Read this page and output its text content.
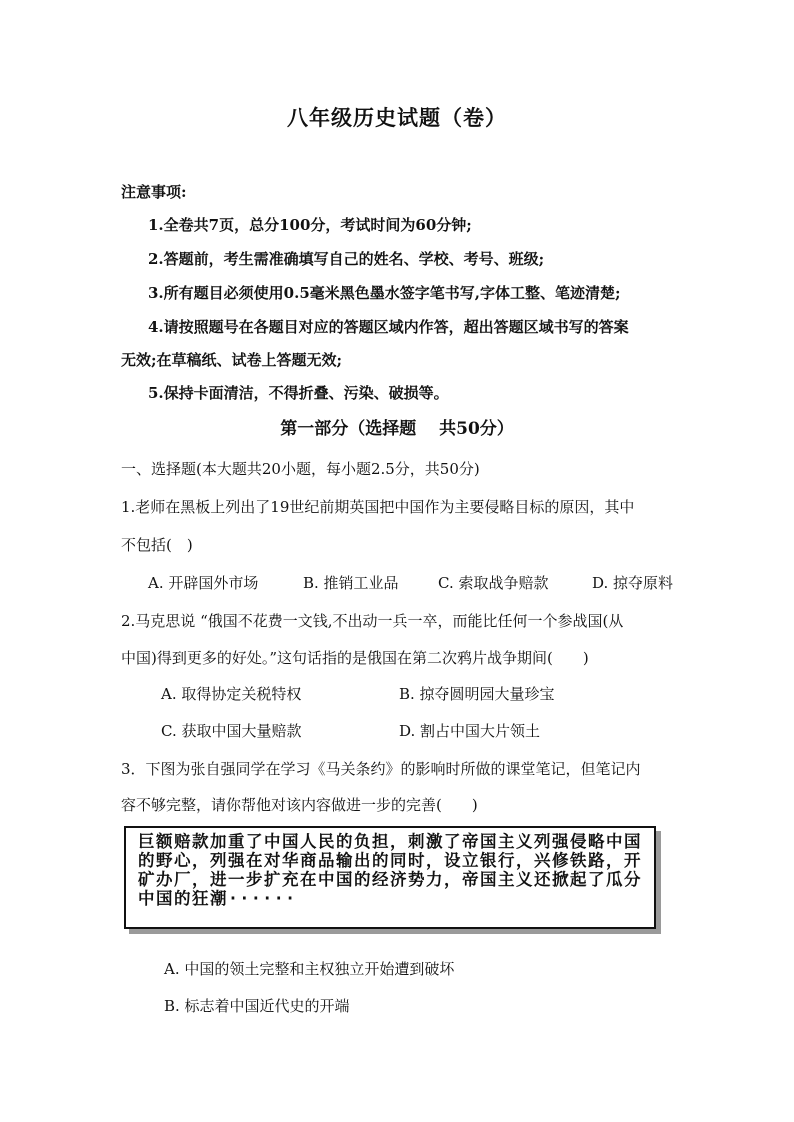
八年级历史试题（卷）
注意事项:
1.全卷共7页，总分100分，考试时间为60分钟;
2.答题前，考生需准确填写自己的姓名、学校、考号、班级;
3.所有题目必须使用0.5毫米黑色墨水签字笔书写,字体工整、笔迹清楚;
4.请按照题号在各题目对应的答题区域内作答，超出答题区域书写的答案
无效;在草稿纸、试卷上答题无效;
5.保持卡面清洁，不得折叠、污染、破损等。
第一部分（选择题　 共50分）
一、选择题(本大题共20小题，每小题2.5分，共50分)
1.老师在黑板上列出了19世纪前期英国把中国作为主要侵略目标的原因，其中
不包括(　)
A. 开辟国外市场	B. 推销工业品	C. 索取战争赔款	D. 掠夺原料
2.马克思说 “俄国不花费一文钱,不出动一兵一卒，而能比任何一个参战国(从
中国)得到更多的好处。”这句话指的是俄国在第二次鸦片战争期间(　　)
A. 取得协定关税特权	B. 掠夺圆明园大量珍宝
C. 获取中国大量赔款	D. 割占中国大片领土
3．下图为张自强同学在学习《马关条约》的影响时所做的课堂笔记，但笔记内
容不够完整，请你帮他对该内容做进一步的完善(　　)
巨额赔款加重了中国人民的负担，刺激了帝国主义列强侵略中国的野心，列强在对华商品输出的同时，设立银行，兴修铁路，开矿办厂，进一步扩充在中国的经济势力，帝国主义还掀起了瓜分中国的狂潮······
A. 中国的领土完整和主权独立开始遭到破坏
B. 标志着中国近代史的开端
